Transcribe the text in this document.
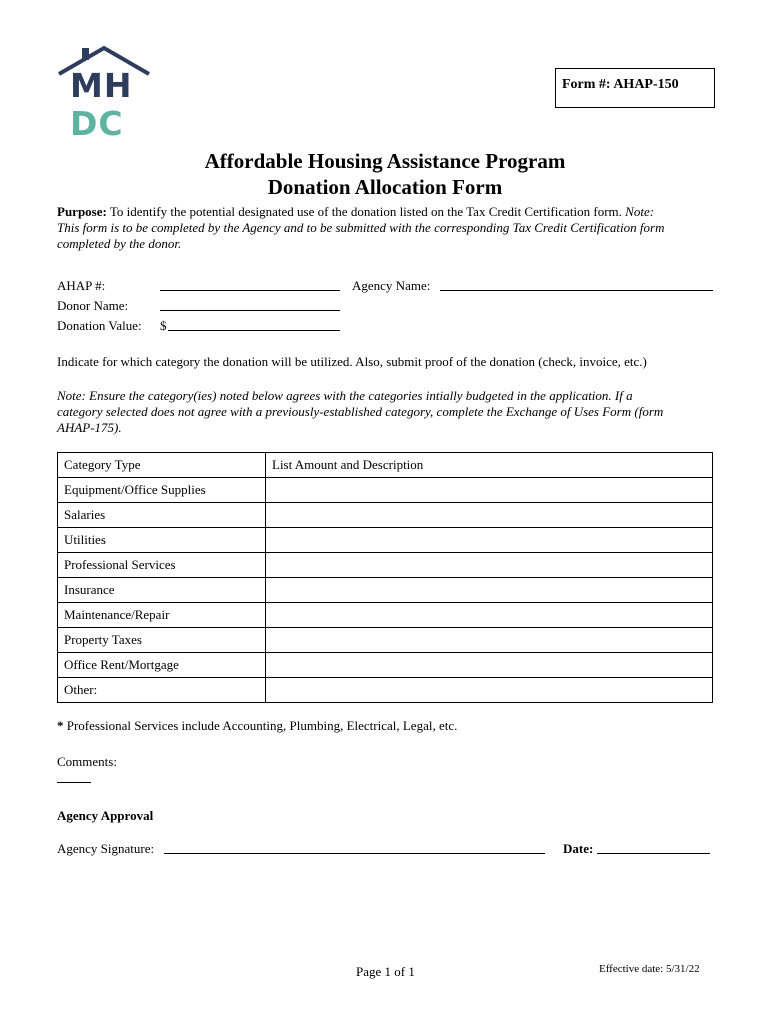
MH
DC
Form #: AHAP-150
Affordable Housing Assistance Program
Donation Allocation Form
Purpose: To identify the potential designated use of the donation listed on the Tax Credit Certification form. Note:
This form is to be completed by the Agency and to be submitted with the corresponding Tax Credit Certification form
completed by the donor.
AHAP #:	Agency Name:
Donor Name:
Donation Value: $
Indicate for which category the donation will be utilized. Also, submit proof of the donation (check, invoice, etc.)
Note: Ensure the category(ies) noted below agrees with the categories intially budgeted in the application. If a
category selected does not agree with a previously-established category, complete the Exchange of Uses Form (form
AHAP-175).
Category Type	List Amount and Description
Equipment/Office Supplies	
Salaries	
Utilities	
Professional Services	
Insurance	
Maintenance/Repair	
Property Taxes	
Office Rent/Mortgage	
Other:	
* Professional Services include Accounting, Plumbing, Electrical, Legal, etc.
Comments:
Agency Approval
Agency Signature:	Date:
Page 1 of 1	Effective date: 5/31/22
